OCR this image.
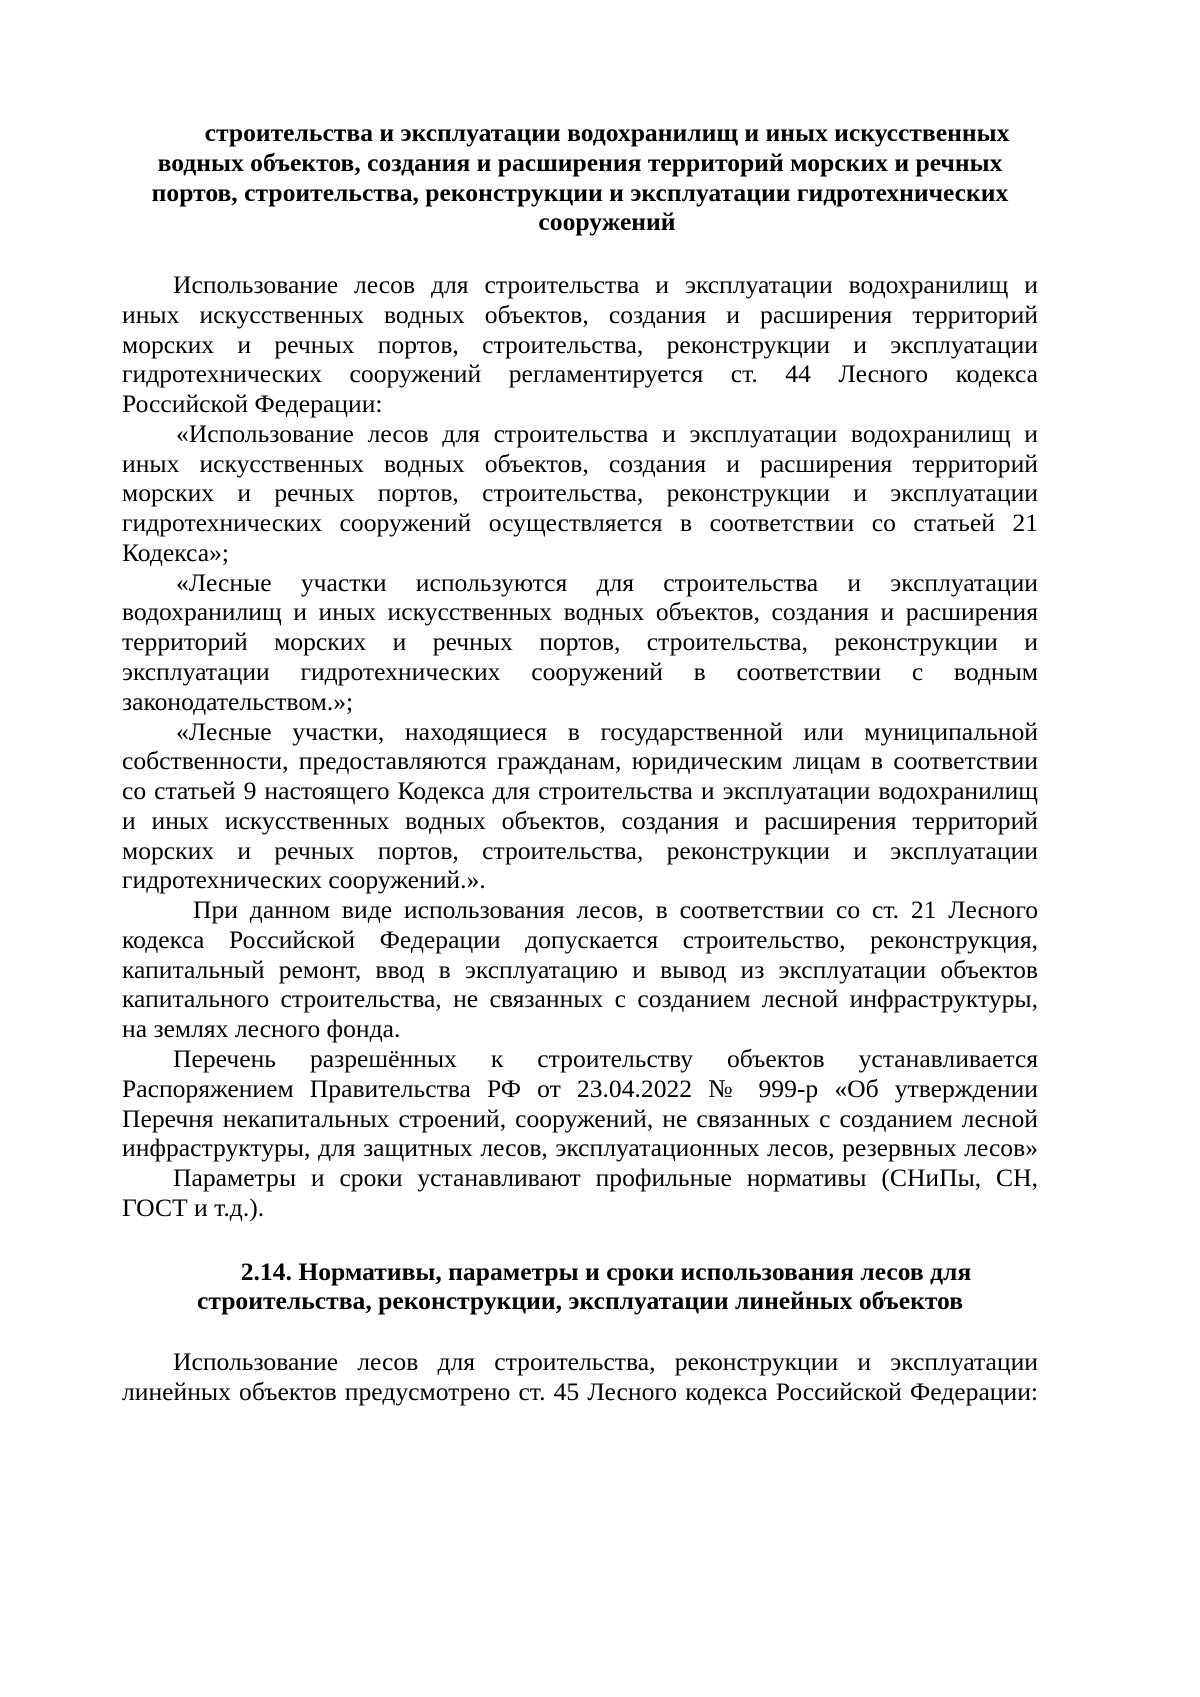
строительства и эксплуатации водохранилищ и иных искусственных
водных объектов, создания и расширения территорий морских и речных
портов, строительства, реконструкции и эксплуатации гидротехнических
сооружений
Использование лесов для строительства и эксплуатации водохранилищ и
иных искусственных водных объектов, создания и расширения территорий
морских и речных портов, строительства, реконструкции и эксплуатации
гидротехнических сооружений регламентируется ст. 44 Лесного кодекса
Российской Федерации:
«Использование лесов для строительства и эксплуатации водохранилищ и
иных искусственных водных объектов, создания и расширения территорий
морских и речных портов, строительства, реконструкции и эксплуатации
гидротехнических сооружений осуществляется в соответствии со статьей 21
Кодекса»;
«Лесные участки используются для строительства и эксплуатации
водохранилищ и иных искусственных водных объектов, создания и расширения
территорий морских и речных портов, строительства, реконструкции и
эксплуатации гидротехнических сооружений в соответствии с водным
законодательством.»;
«Лесные участки, находящиеся в государственной или муниципальной
собственности, предоставляются гражданам, юридическим лицам в соответствии
со статьей 9 настоящего Кодекса для строительства и эксплуатации водохранилищ
и иных искусственных водных объектов, создания и расширения территорий
морских и речных портов, строительства, реконструкции и эксплуатации
гидротехнических сооружений.».
При данном виде использования лесов, в соответствии со ст. 21 Лесного
кодекса Российской Федерации допускается строительство, реконструкция,
капитальный ремонт, ввод в эксплуатацию и вывод из эксплуатации объектов
капитального строительства, не связанных с созданием лесной инфраструктуры,
на землях лесного фонда.
Перечень разрешённых к строительству объектов устанавливается
Распоряжением Правительства РФ от 23.04.2022 № 999-р «Об утверждении
Перечня некапитальных строений, сооружений, не связанных с созданием лесной
инфраструктуры, для защитных лесов, эксплуатационных лесов, резервных лесов»
Параметры и сроки устанавливают профильные нормативы (СНиПы, СН,
ГОСТ и т.д.).
2.14. Нормативы, параметры и сроки использования лесов для
строительства, реконструкции, эксплуатации линейных объектов
Использование лесов для строительства, реконструкции и эксплуатации
линейных объектов предусмотрено ст. 45 Лесного кодекса Российской Федерации:
